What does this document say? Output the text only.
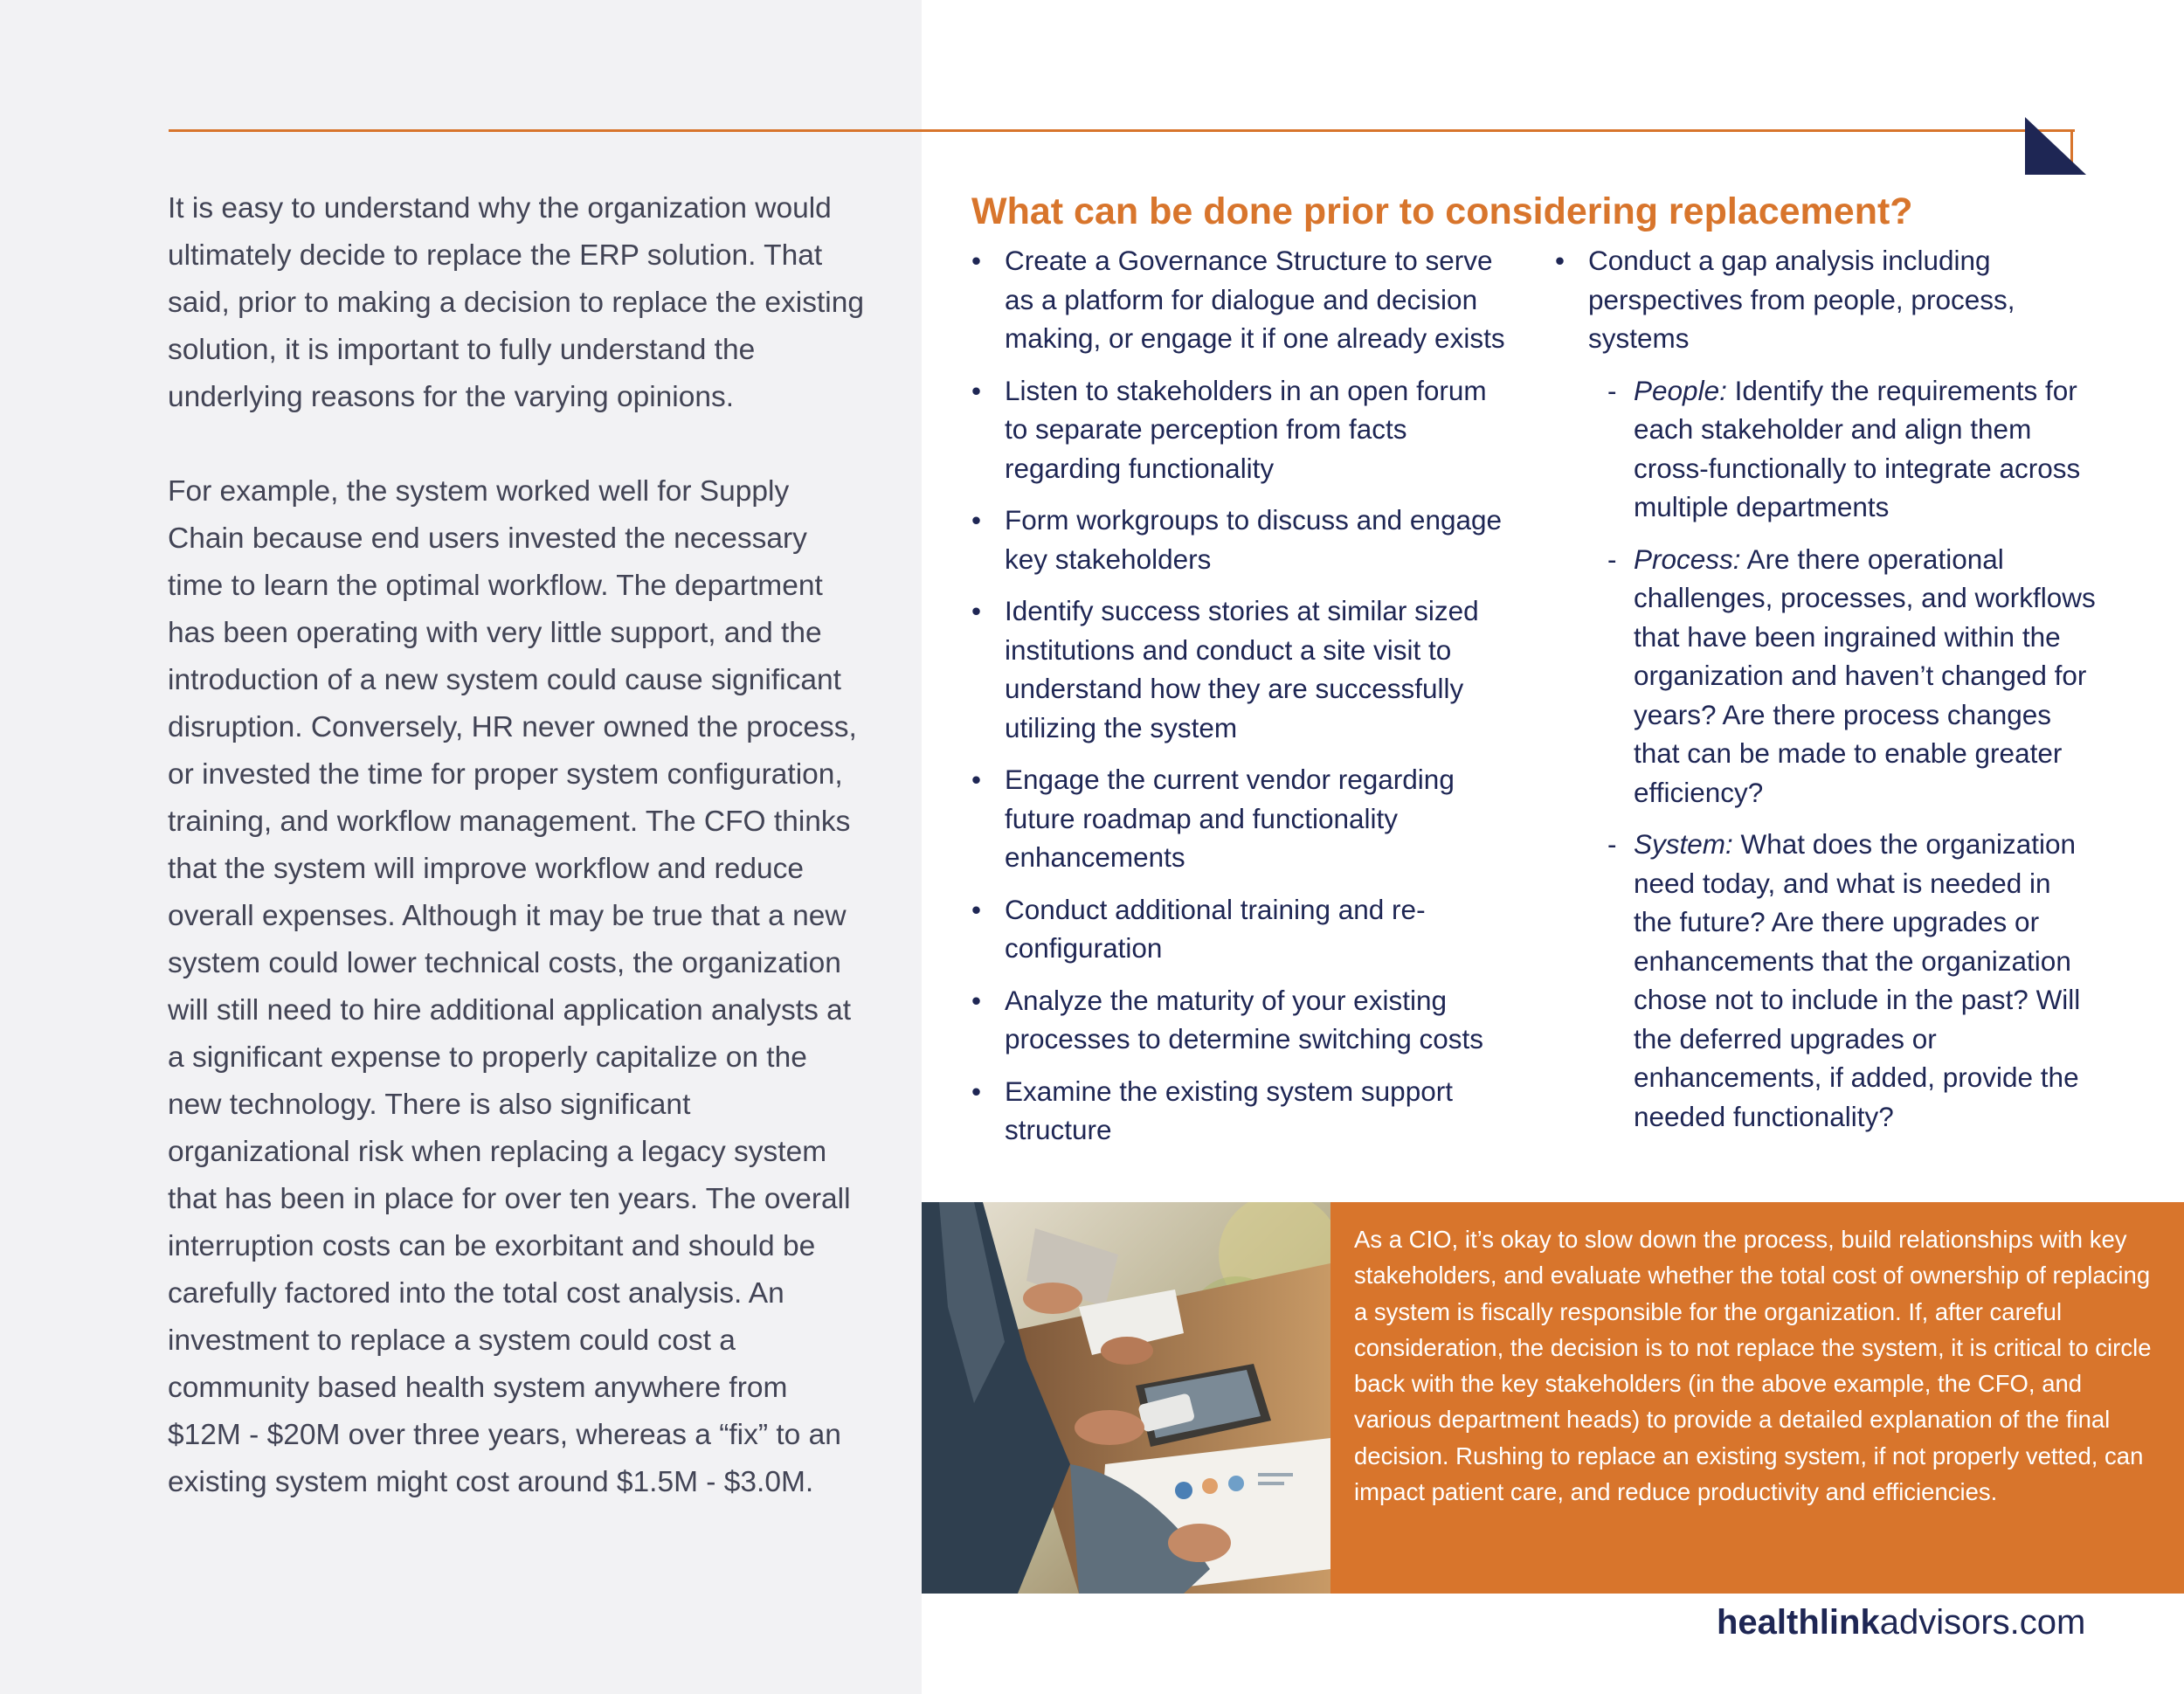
It is easy to understand why the organization would ultimately decide to replace the ERP solution. That said, prior to making a decision to replace the existing solution, it is important to fully understand the underlying reasons for the varying opinions.

For example, the system worked well for Supply Chain because end users invested the necessary time to learn the optimal workflow. The department has been operating with very little support, and the introduction of a new system could cause significant disruption. Conversely, HR never owned the process, or invested the time for proper system configuration, training, and workflow management. The CFO thinks that the system will improve workflow and reduce overall expenses. Although it may be true that a new system could lower technical costs, the organization will still need to hire additional application analysts at a significant expense to properly capitalize on the new technology. There is also significant organizational risk when replacing a legacy system that has been in place for over ten years. The overall interruption costs can be exorbitant and should be carefully factored into the total cost analysis. An investment to replace a system could cost a community based health system anywhere from $12M - $20M over three years, whereas a “fix” to an existing system might cost around $1.5M - $3.0M.

What can be done prior to considering replacement?
• Create a Governance Structure to serve as a platform for dialogue and decision making, or engage it if one already exists
• Listen to stakeholders in an open forum to separate perception from facts regarding functionality
• Form workgroups to discuss and engage key stakeholders
• Identify success stories at similar sized institutions and conduct a site visit to understand how they are successfully utilizing the system
• Engage the current vendor regarding future roadmap and functionality enhancements
• Conduct additional training and re-configuration
• Analyze the maturity of your existing processes to determine switching costs
• Examine the existing system support structure
• Conduct a gap analysis including perspectives from people, process, systems
- People: Identify the requirements for each stakeholder and align them cross-functionally to integrate across multiple departments
- Process: Are there operational challenges, processes, and workflows that have been ingrained within the organization and haven’t changed for years? Are there process changes that can be made to enable greater efficiency?
- System: What does the organization need today, and what is needed in the future? Are there upgrades or enhancements that the organization chose not to include in the past? Will the deferred upgrades or enhancements, if added, provide the needed functionality?
As a CIO, it’s okay to slow down the process, build relationships with key stakeholders, and evaluate whether the total cost of ownership of replacing a system is fiscally responsible for the organization. If, after careful consideration, the decision is to not replace the system, it is critical to circle back with the key stakeholders (in the above example, the CFO, and various department heads) to provide a detailed explanation of the final decision. Rushing to replace an existing system, if not properly vetted, can impact patient care, and reduce productivity and efficiencies.
healthlinkadvisors.com
